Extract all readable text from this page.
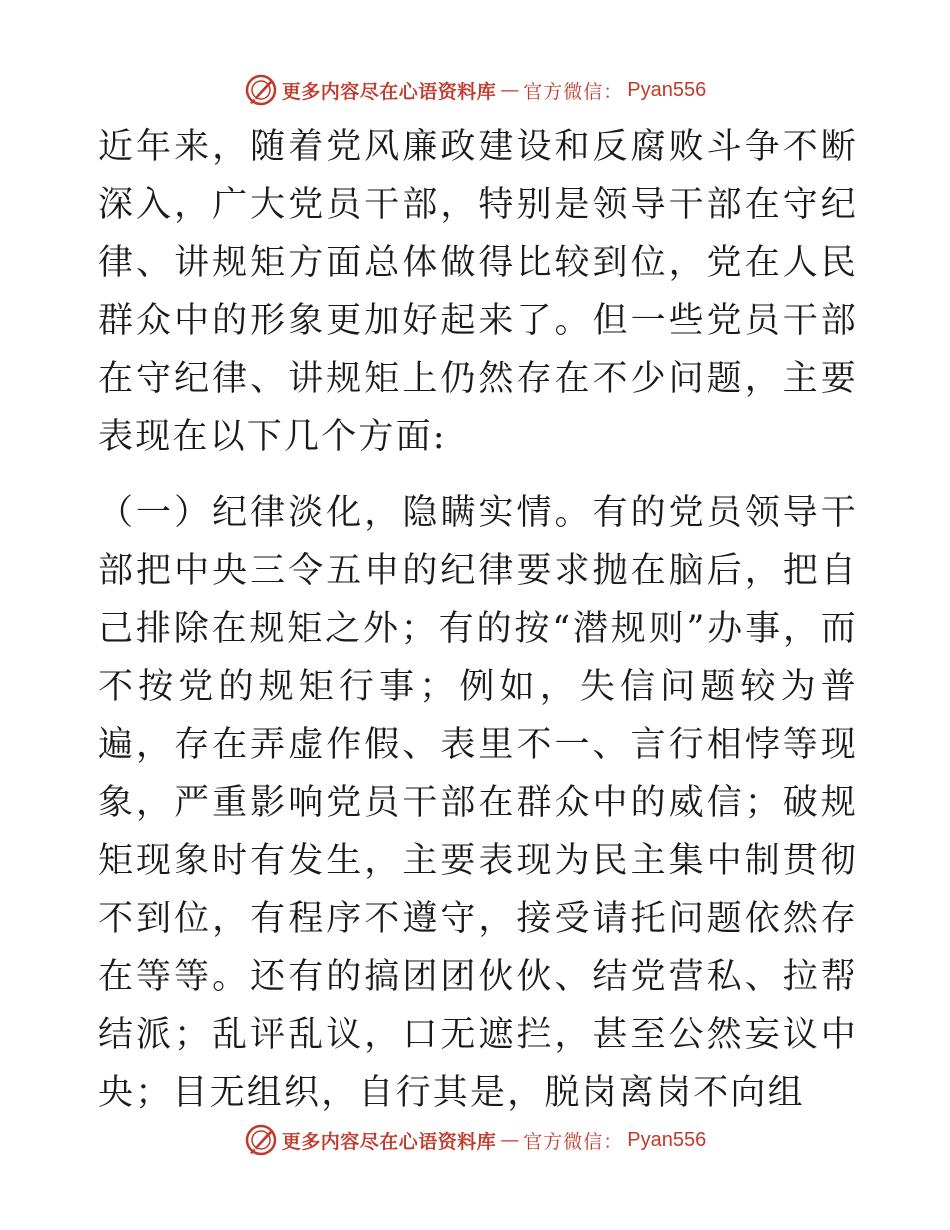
更多内容尽在心语资料库 — 官方微信： Pyan556

近年来，随着党风廉政建设和反腐败斗争不断深入，广大党员干部，特别是领导干部在守纪律、讲规矩方面总体做得比较到位，党在人民群众中的形象更加好起来了。但一些党员干部在守纪律、讲规矩上仍然存在不少问题，主要表现在以下几个方面:

（一）纪律淡化，隐瞒实情。有的党员领导干部把中央三令五申的纪律要求抛在脑后，把自己排除在规矩之外；有的按“潜规则”办事，而不按党的规矩行事；例如，失信问题较为普遍，存在弄虚作假、表里不一、言行相悖等现象，严重影响党员干部在群众中的威信；破规矩现象时有发生，主要表现为民主集中制贯彻不到位，有程序不遵守，接受请托问题依然存在等等。还有的搞团团伙伙、结党营私、拉帮结派；乱评乱议，口无遮拦，甚至公然妄议中央；目无组织，自行其是，脱岗离岗不向组

更多内容尽在心语资料库 — 官方微信： Pyan556
